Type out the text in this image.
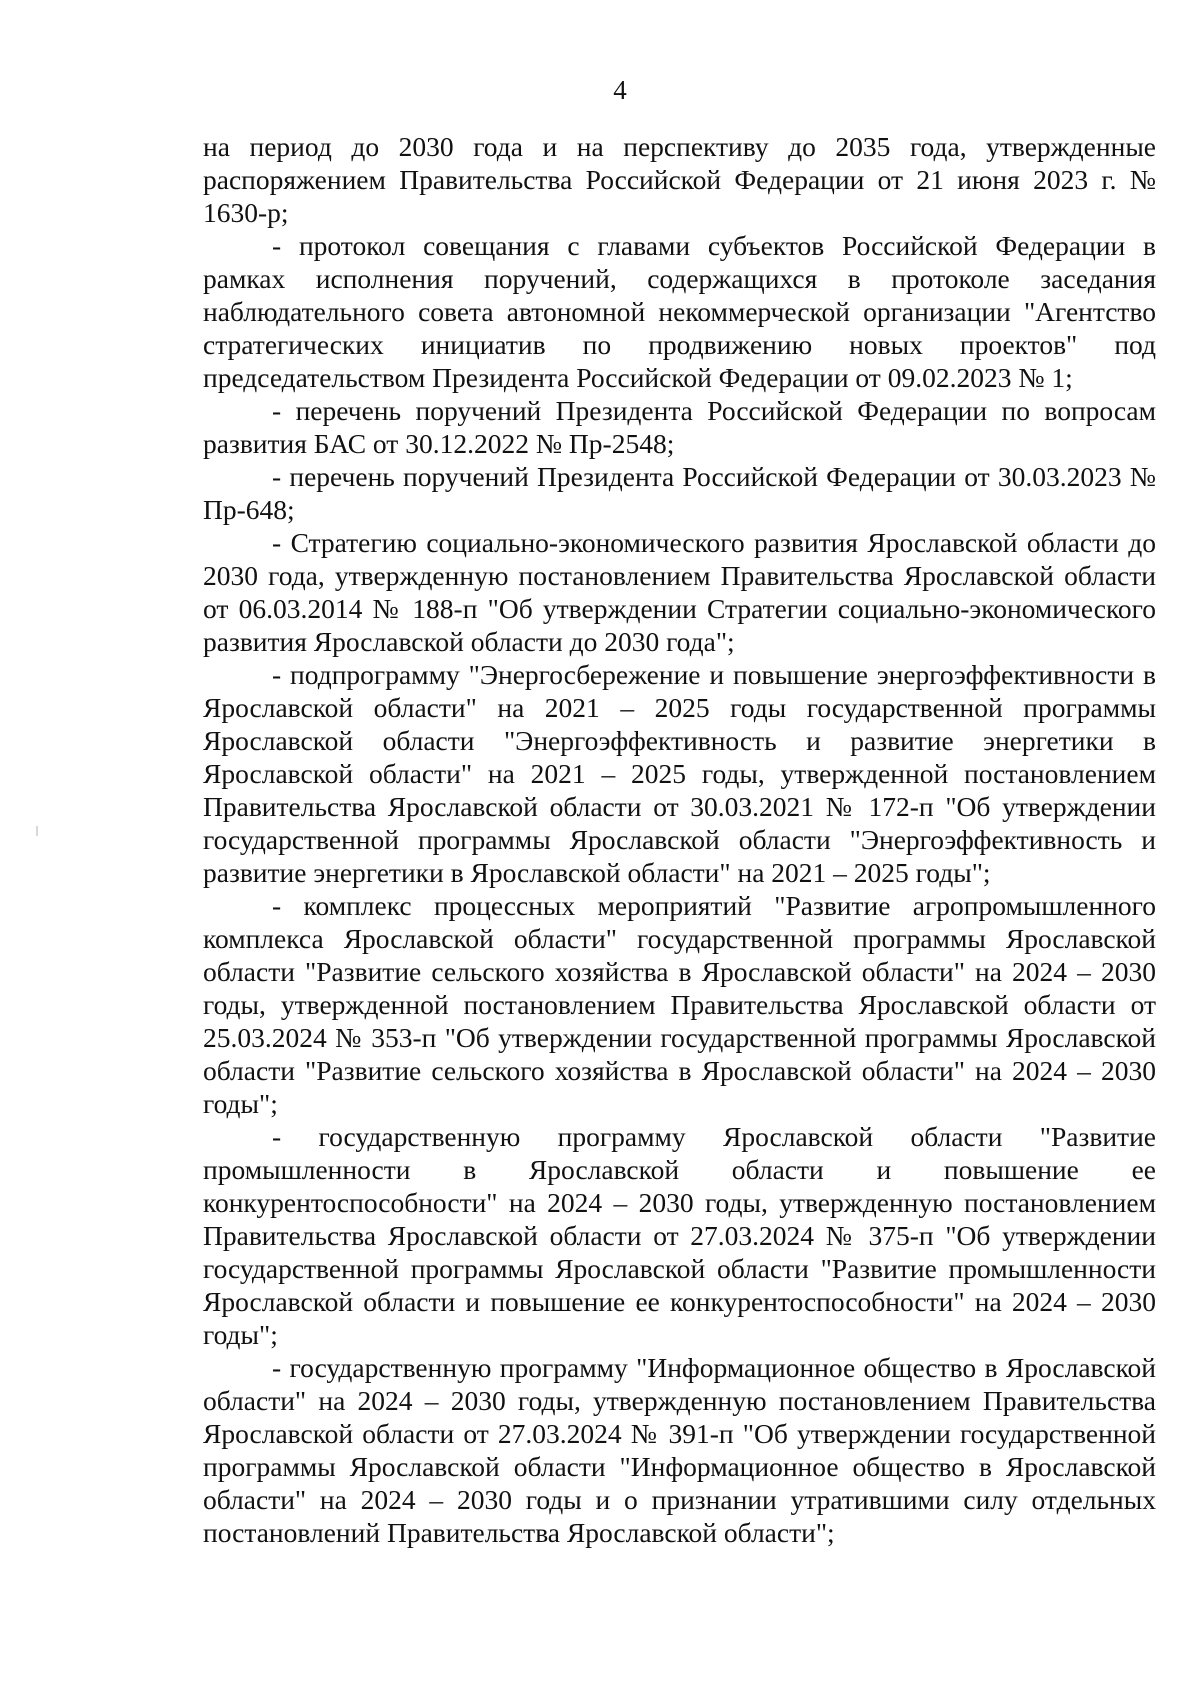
4

на период до 2030 года и на перспективу до 2035 года, утвержденные распоряжением Правительства Российской Федерации от 21 июня 2023 г. № 1630-р;

- протокол совещания с главами субъектов Российской Федерации в рамках исполнения поручений, содержащихся в протоколе заседания наблюдательного совета автономной некоммерческой организации "Агентство стратегических инициатив по продвижению новых проектов" под председательством Президента Российской Федерации от 09.02.2023 № 1;

- перечень поручений Президента Российской Федерации по вопросам развития БАС от 30.12.2022 № Пр-2548;

- перечень поручений Президента Российской Федерации от 30.03.2023 № Пр-648;

- Стратегию социально-экономического развития Ярославской области до 2030 года, утвержденную постановлением Правительства Ярославской области от 06.03.2014 № 188-п "Об утверждении Стратегии социально-экономического развития Ярославской области до 2030 года";

- подпрограмму "Энергосбережение и повышение энергоэффективности в Ярославской области" на 2021 – 2025 годы государственной программы Ярославской области "Энергоэффективность и развитие энергетики в Ярославской области" на 2021 – 2025 годы, утвержденной постановлением Правительства Ярославской области от 30.03.2021 № 172-п "Об утверждении государственной программы Ярославской области "Энергоэффективность и развитие энергетики в Ярославской области" на 2021 – 2025 годы";

- комплекс процессных мероприятий "Развитие агропромышленного комплекса Ярославской области" государственной программы Ярославской области "Развитие сельского хозяйства в Ярославской области" на 2024 – 2030 годы, утвержденной постановлением Правительства Ярославской области от 25.03.2024 № 353-п "Об утверждении государственной программы Ярославской области "Развитие сельского хозяйства в Ярославской области" на 2024 – 2030 годы";

- государственную программу Ярославской области "Развитие промышленности в Ярославской области и повышение ее конкурентоспособности" на 2024 – 2030 годы, утвержденную постановлением Правительства Ярославской области от 27.03.2024 № 375-п "Об утверждении государственной программы Ярославской области "Развитие промышленности Ярославской области и повышение ее конкурентоспособности" на 2024 – 2030 годы";

- государственную программу "Информационное общество в Ярославской области" на 2024 – 2030 годы, утвержденную постановлением Правительства Ярославской области от 27.03.2024 № 391-п "Об утверждении государственной программы Ярославской области "Информационное общество в Ярославской области" на 2024 – 2030 годы и о признании утратившими силу отдельных постановлений Правительства Ярославской области";
